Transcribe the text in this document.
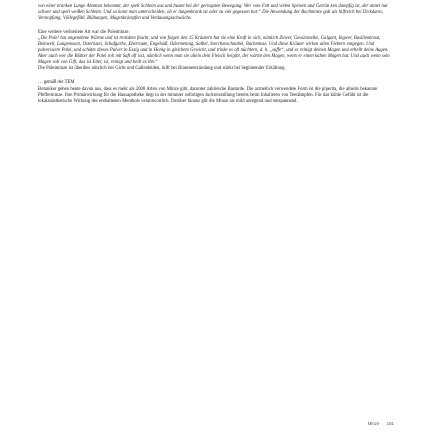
von einer kranken Lunge Atemnot bekommt, der spelt Schleim aus und hustet bei der geringsten Bewegung. Wer vom Fett und vielen Speisen und Geträn ken dampfig ist, der atmet nur schwer und spelt weißen Schleim. Und so kann man unterscheiden, ob er lungenkrank ist oder zu viel gegessen hat.“ Die Anwendung der Bachminze galt als hilfreich bei Dickdarm, Verstopfung, Völlegefühl, Blähungen, Magenkrämpfen und Verdauungsschwäche.

Eine weitere verbreitete Art war die Poleiminze.

„Die Pole! hat angenehme Wärme und ist trotzdem feucht, und von folgen den 15 Kräutern hat sie eine Kraft in sich, nämlich Zitwer, Gewürznelke, Galgant, Ingwer, Basilienkraut, Beinwell, Lungenwurz, Osterluzei, Schafgarbe, Eberraute, Engelsüß, Odermennig, Salbel, Storchenschnabel, Bachminze. Und diese Kräuter wirken allen Fiebern entgegen. Und pulverisiere Polei, und schütte dieses Pulver in Essig und in Honig in gleichem Gewicht, und trinke es oft nüchtern, d. h. „suffe“, und es reinigt deinen Magen und erhellt deine Augen. Aber auch wer die Blätter der Polei roh mit Saft oft isst, nämlich wenn man sie allein dem Fleisch beigibt, der wärmt den Magen, wenn er einen kalten Magen hat. Und auch wenn sein Magen voll von Gift, das ist Eiter, ist, reinigt und heilt es ihn.“

Die Poleiminze ist überdies nützlich bei Gicht und Gallenleiden, hilft bei Blasenentzündung und stärkt bei beginnender Erkältung.

… gemäß der TEM

Botaniker gehen heute davon aus, dass es mehr als 2000 Arten von Minze gibt, darunter zahlreiche Bastarde. Die arzneilich verwendete Form ist die piperita, die allseits bekannte Pfefferminze. Ihre Primärwirkung für die Hausapotheke liegt in der mitunter sofortigen Juckreizstillung bereits beim Inhalieren von Teedämpfen. Für das kühle Gefühl ist die lokalanästhetische Wirkung des enthaltenen Menthols verantwortlich. Darüber hinaus gilt die Minze als mild anregend und entspannend.

Minze 181
